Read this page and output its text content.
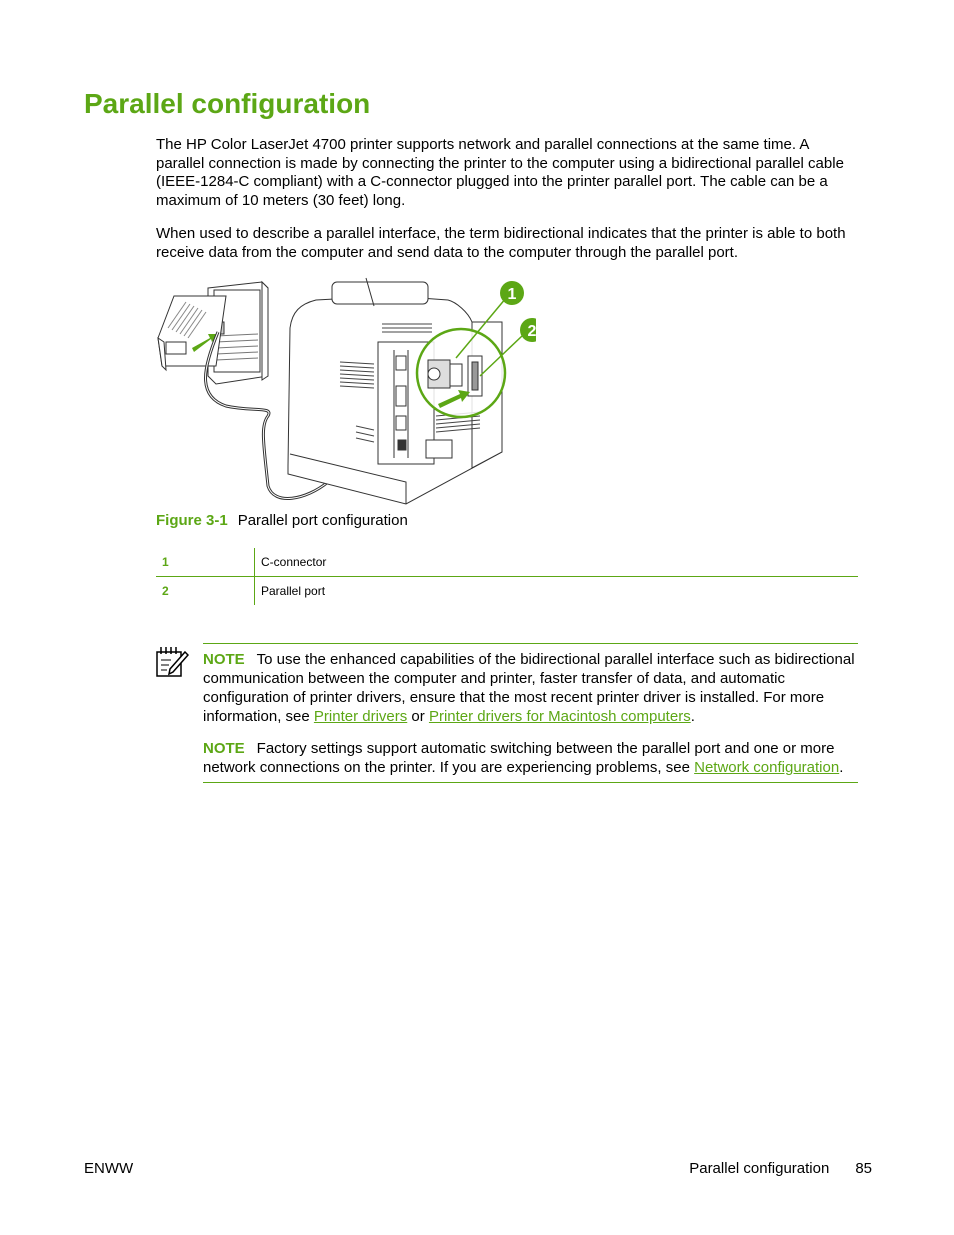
Parallel configuration

The HP Color LaserJet 4700 printer supports network and parallel connections at the same time. A parallel connection is made by connecting the printer to the computer using a bidirectional parallel cable (IEEE-1284-C compliant) with a C-connector plugged into the printer parallel port. The cable can be a maximum of 10 meters (30 feet) long.

When used to describe a parallel interface, the term bidirectional indicates that the printer is able to both receive data from the computer and send data to the computer through the parallel port.

1
2
Figure 3-1 Parallel port configuration
1	C-connector
2	Parallel port

NOTE To use the enhanced capabilities of the bidirectional parallel interface such as bidirectional communication between the computer and printer, faster transfer of data, and automatic configuration of printer drivers, ensure that the most recent printer driver is installed. For more information, see Printer drivers or Printer drivers for Macintosh computers.

NOTE Factory settings support automatic switching between the parallel port and one or more network connections on the printer. If you are experiencing problems, see Network configuration.

ENWW	Parallel configuration 85
